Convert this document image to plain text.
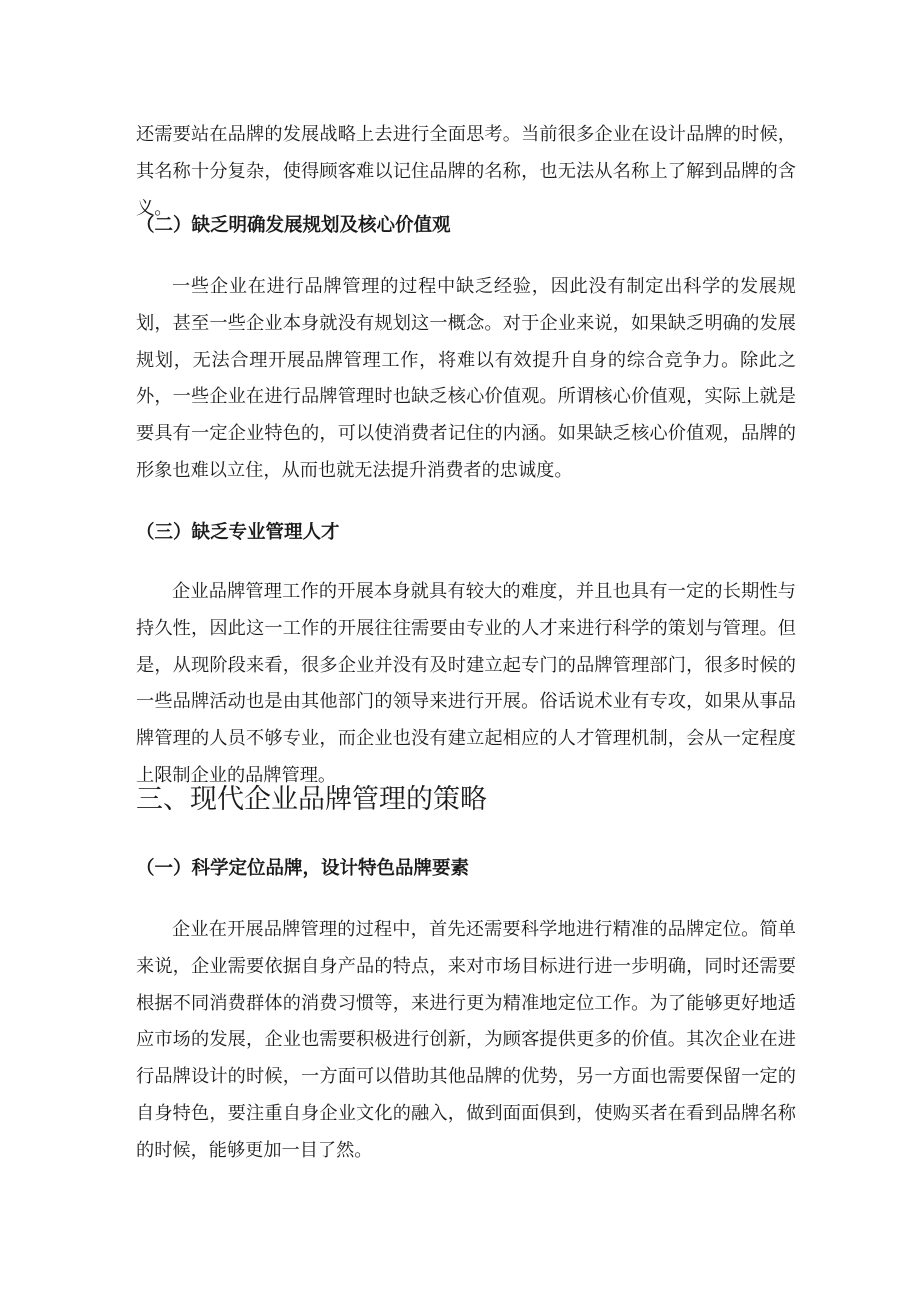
还需要站在品牌的发展战略上去进行全面思考。当前很多企业在设计品牌的时候，其名称十分复杂，使得顾客难以记住品牌的名称，也无法从名称上了解到品牌的含义。

（二）缺乏明确发展规划及核心价值观

一些企业在进行品牌管理的过程中缺乏经验，因此没有制定出科学的发展规划，甚至一些企业本身就没有规划这一概念。对于企业来说，如果缺乏明确的发展规划，无法合理开展品牌管理工作，将难以有效提升自身的综合竞争力。除此之外，一些企业在进行品牌管理时也缺乏核心价值观。所谓核心价值观，实际上就是要具有一定企业特色的，可以使消费者记住的内涵。如果缺乏核心价值观，品牌的形象也难以立住，从而也就无法提升消费者的忠诚度。

（三）缺乏专业管理人才

企业品牌管理工作的开展本身就具有较大的难度，并且也具有一定的长期性与持久性，因此这一工作的开展往往需要由专业的人才来进行科学的策划与管理。但是，从现阶段来看，很多企业并没有及时建立起专门的品牌管理部门，很多时候的一些品牌活动也是由其他部门的领导来进行开展。俗话说术业有专攻，如果从事品牌管理的人员不够专业，而企业也没有建立起相应的人才管理机制，会从一定程度上限制企业的品牌管理。

三、现代企业品牌管理的策略
（一）科学定位品牌，设计特色品牌要素

企业在开展品牌管理的过程中，首先还需要科学地进行精准的品牌定位。简单来说，企业需要依据自身产品的特点，来对市场目标进行进一步明确，同时还需要根据不同消费群体的消费习惯等，来进行更为精准地定位工作。为了能够更好地适应市场的发展，企业也需要积极进行创新，为顾客提供更多的价值。其次企业在进行品牌设计的时候，一方面可以借助其他品牌的优势，另一方面也需要保留一定的自身特色，要注重自身企业文化的融入，做到面面俱到，使购买者在看到品牌名称的时候，能够更加一目了然。
